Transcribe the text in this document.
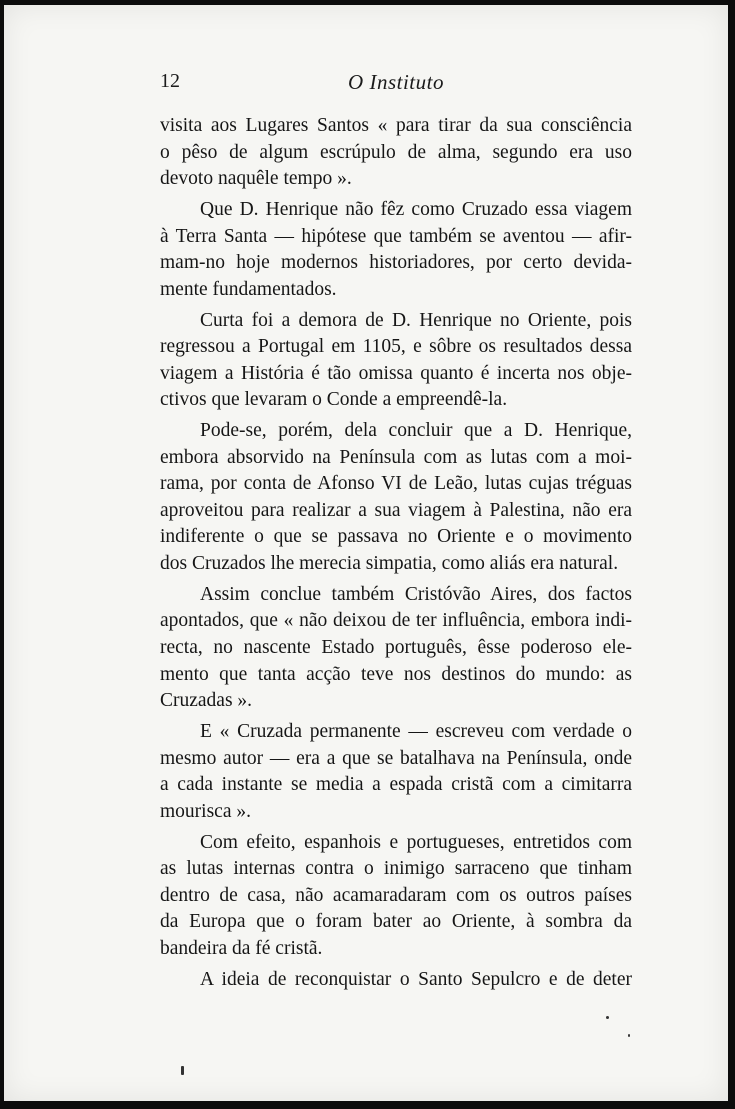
12	O Instituto
visita aos Lugares Santos « para tirar da sua consciência
o pêso de algum escrúpulo de alma, segundo era uso
devoto naquêle tempo ».
Que D. Henrique não fêz como Cruzado essa viagem
à Terra Santa — hipótese que também se aventou — afir-
mam-no hoje modernos historiadores, por certo devida-
mente fundamentados.
Curta foi a demora de D. Henrique no Oriente, pois
regressou a Portugal em 1105, e sôbre os resultados dessa
viagem a História é tão omissa quanto é incerta nos obje-
ctivos que levaram o Conde a empreendê-la.
Pode-se, porém, dela concluir que a D. Henrique,
embora absorvido na Península com as lutas com a moi-
rama, por conta de Afonso VI de Leão, lutas cujas tréguas
aproveitou para realizar a sua viagem à Palestina, não era
indiferente o que se passava no Oriente e o movimento
dos Cruzados lhe merecia simpatia, como aliás era natural.
Assim conclue também Cristóvão Aires, dos factos
apontados, que « não deixou de ter influência, embora indi-
recta, no nascente Estado português, êsse poderoso ele-
mento que tanta acção teve nos destinos do mundo: as
Cruzadas ».
E « Cruzada permanente — escreveu com verdade o
mesmo autor — era a que se batalhava na Península, onde
a cada instante se media a espada cristã com a cimitarra
mourisca ».
Com efeito, espanhois e portugueses, entretidos com
as lutas internas contra o inimigo sarraceno que tinham
dentro de casa, não acamaradaram com os outros países
da Europa que o foram bater ao Oriente, à sombra da
bandeira da fé cristã.
A ideia de reconquistar o Santo Sepulcro e de deter
